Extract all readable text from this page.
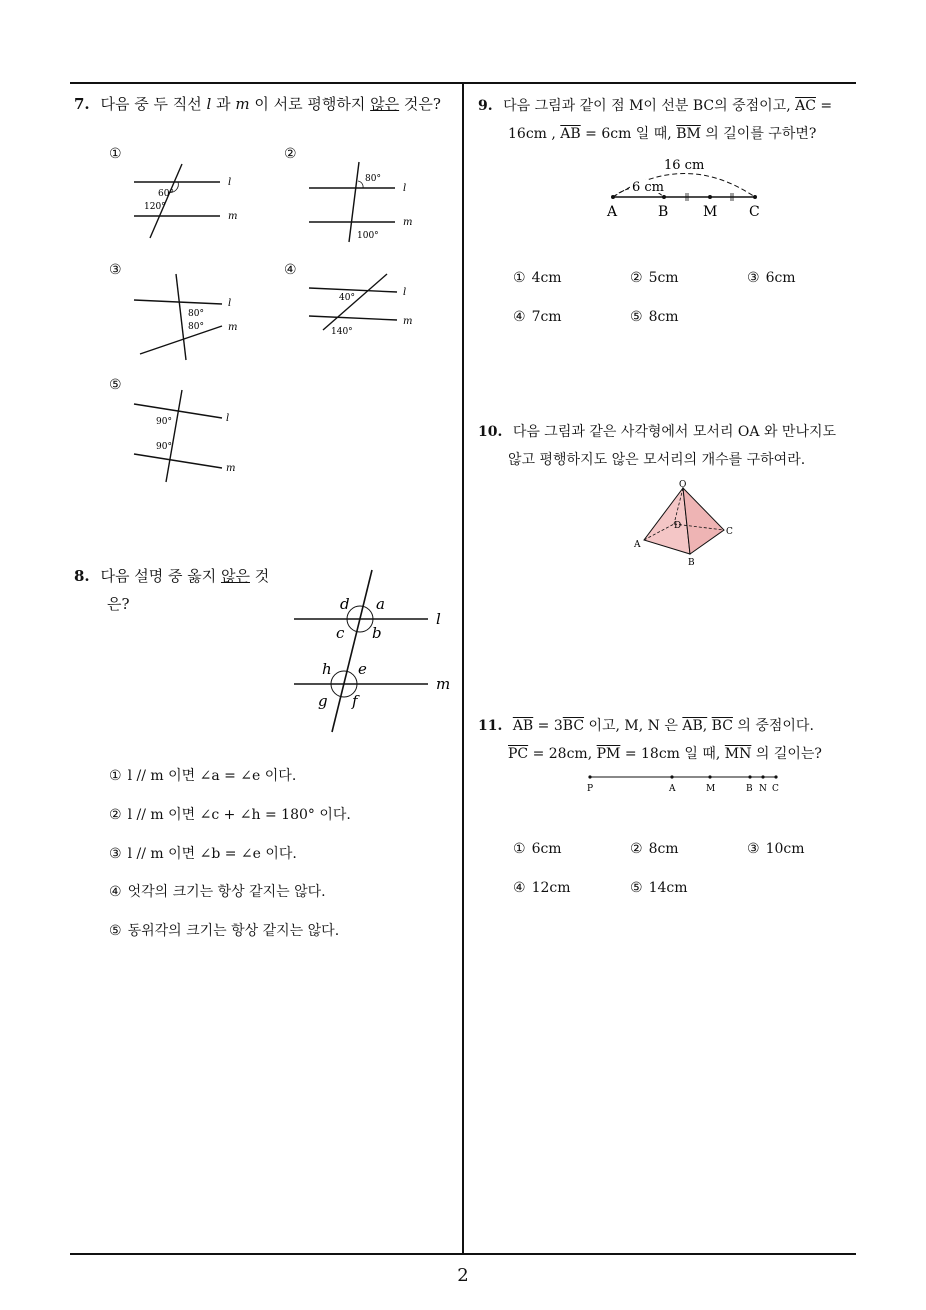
7. 다음 중 두 직선 l 과 m 이 서로 평행하지 않은 것은?
①	②
③	④
⑤
60°
120°
l
m
80°
100°
l
m
80°
80°
l
m
40°
140°
l
m
90°
90°
l
m
8. 다음 설명 중 옳지 않은 것
은?	d a
c b
h e
g f
l
m
① l // m 이면 ∠a = ∠e 이다.
② l // m 이면 ∠c + ∠h = 180° 이다.
③ l // m 이면 ∠b = ∠e 이다.
④ 엇각의 크기는 항상 같지는 않다.
⑤ 동위각의 크기는 항상 같지는 않다.
9. 다음 그림과 같이 점 M이 선분 BC의 중점이고, $\overline{AC}$ =
16cm , $\overline{AB} = 6cm$ 일 때, $\overline{BM}$ 의 길이를 구하면?
16 cm
6 cm
A	B M C
① 4cm	② 5cm	③ 6cm
④ 7cm	⑤ 8cm
10. 다음 그림과 같은 사각형에서 모서리 OA 와 만나지도
않고 평행하지도 않은 모서리의 개수를 구하여라.
O
A
B
C
D
11. $\overline{AB} = 3\overline{BC}$ 이고, M, N 은 AB, $\overline{BC}$ 의 중점이다.
$\overline{PC} = 28cm$, $\overline{PM} = 18cm$ 일 때, $\overline{MN}$ 의 길이는?
P	A	M	B N C
① 6cm	② 8cm	③ 10cm
④ 12cm	⑤ 14cm
2
